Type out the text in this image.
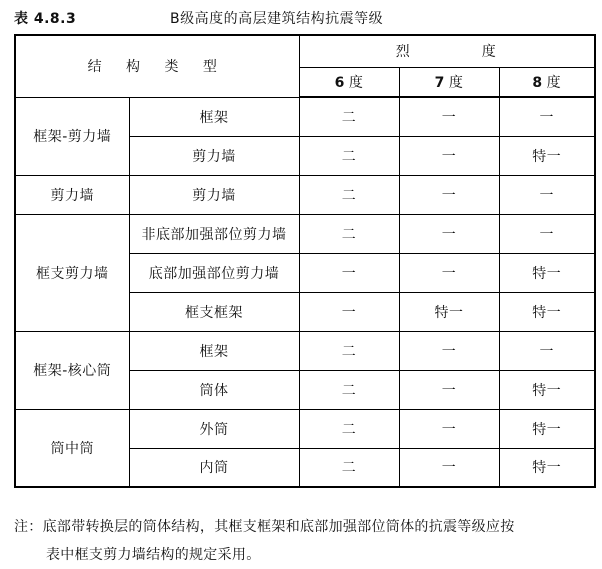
表 4.8.3	B级高度的高层建筑结构抗震等级
结 构 类 型		烈 度		
		6 度	7 度	8 度
框架-剪力墙	框架	二	一	一
	剪力墙	二	一	特一
剪力墙	剪力墙	二	一	一
框支剪力墙	非底部加强部位剪力墙	二	一	一
	底部加强部位剪力墙	一	一	特一
	框支框架	一	特一	特一
框架-核心筒	框架	二	一	一
	筒体	二	一	特一
筒中筒	外筒	二	一	特一
	内筒	二	一	特一
注：底部带转换层的筒体结构，其框支框架和底部加强部位筒体的抗震等级应按
表中框支剪力墙结构的规定采用。
